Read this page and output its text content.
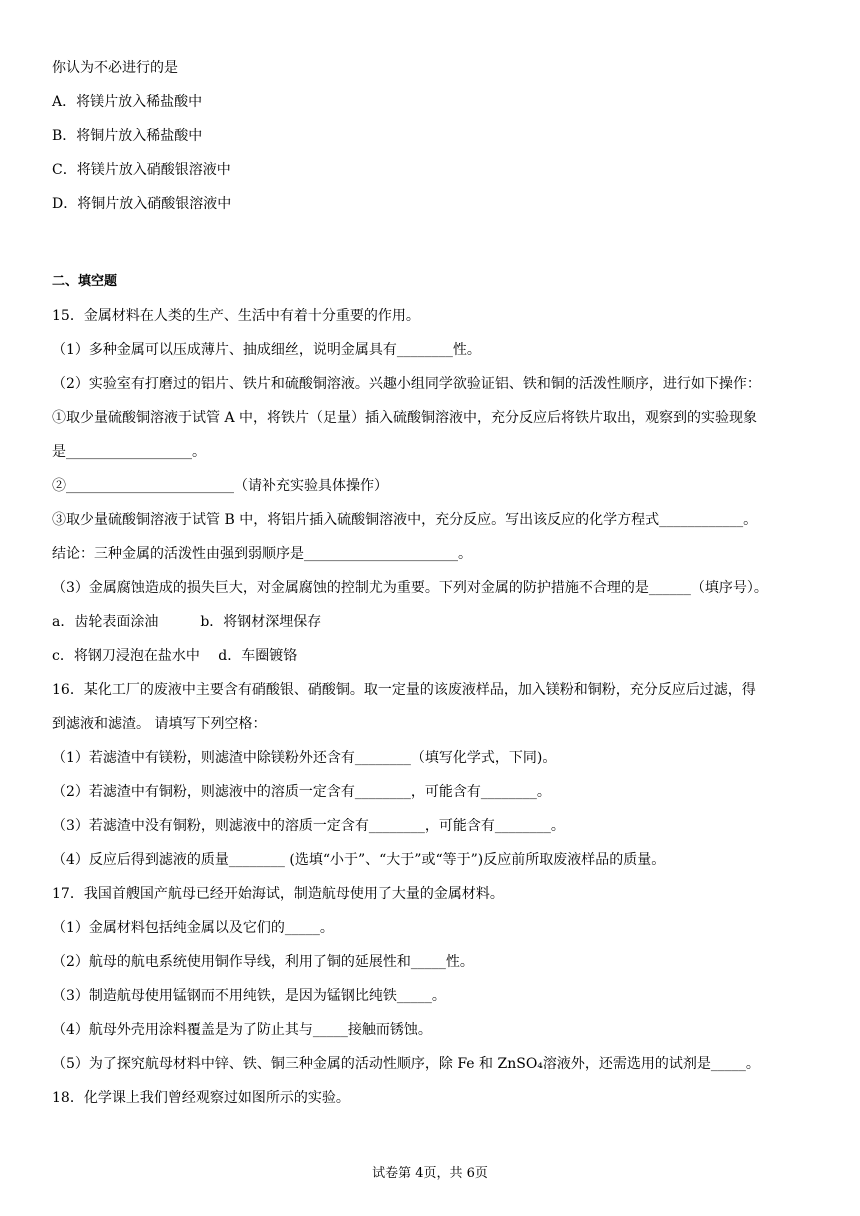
你认为不必进行的是
A．将镁片放入稀盐酸中
B．将铜片放入稀盐酸中
C．将镁片放入硝酸银溶液中
D．将铜片放入硝酸银溶液中
二、填空题
15．金属材料在人类的生产、生活中有着十分重要的作用。
（1）多种金属可以压成薄片、抽成细丝，说明金属具有________性。
（2）实验室有打磨过的铝片、铁片和硫酸铜溶液。兴趣小组同学欲验证铝、铁和铜的活泼性顺序，进行如下操作：
①取少量硫酸铜溶液于试管 A 中，将铁片（足量）插入硫酸铜溶液中，充分反应后将铁片取出，观察到的实验现象
是__________________。
②________________________（请补充实验具体操作）
③取少量硫酸铜溶液于试管 B 中，将铝片插入硫酸铜溶液中，充分反应。写出该反应的化学方程式____________。
结论：三种金属的活泼性由强到弱顺序是______________________。
（3）金属腐蚀造成的损失巨大，对金属腐蚀的控制尤为重要。下列对金属的防护措施不合理的是______（填序号）。
a．齿轮表面涂油　　　b．将钢材深埋保存
c．将钢刀浸泡在盐水中　 d．车圈镀铬
16．某化工厂的废液中主要含有硝酸银、硝酸铜。取一定量的该废液样品，加入镁粉和铜粉，充分反应后过滤，得
到滤液和滤渣。 请填写下列空格：
（1）若滤渣中有镁粉，则滤渣中除镁粉外还含有________（填写化学式，下同)。
（2）若滤渣中有铜粉，则滤液中的溶质一定含有________，可能含有________。
（3）若滤渣中没有铜粉，则滤液中的溶质一定含有________，可能含有________。
（4）反应后得到滤液的质量________ (选填“小于”、“大于”或“等于”)反应前所取废液样品的质量。
17．我国首艘国产航母已经开始海试，制造航母使用了大量的金属材料。
（1）金属材料包括纯金属以及它们的_____。
（2）航母的航电系统使用铜作导线，利用了铜的延展性和_____性。
（3）制造航母使用锰钢而不用纯铁，是因为锰钢比纯铁_____。
（4）航母外壳用涂料覆盖是为了防止其与_____接触而锈蚀。
（5）为了探究航母材料中锌、铁、铜三种金属的活动性顺序，除 Fe 和 ZnSO₄溶液外，还需选用的试剂是_____。
18．化学课上我们曾经观察过如图所示的实验。
试卷第 4页，共 6页
